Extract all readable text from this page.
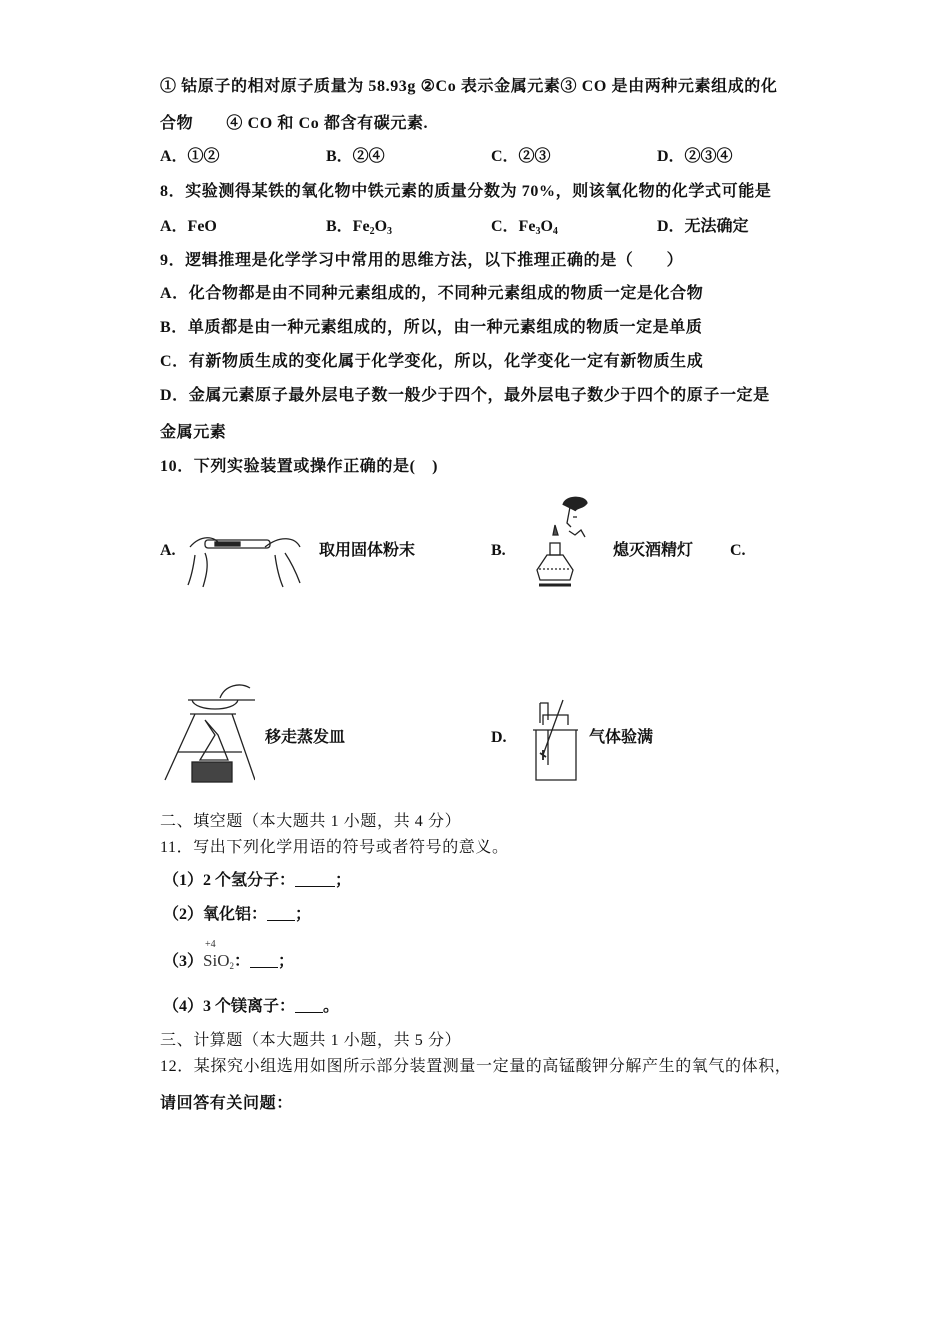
① 钴原子的相对原子质量为 58.93g ②Co 表示金属元素③ CO 是由两种元素组成的化
合物　　④ CO 和 Co 都含有碳元素.
A．①②	B．②④	C．②③	D．②③④
8．实验测得某铁的氧化物中铁元素的质量分数为 70%，则该氧化物的化学式可能是
A．FeO	B．$Fe_2O_3$	C．$Fe_3O_4$	D．无法确定
9．逻辑推理是化学学习中常用的思维方法，以下推理正确的是（　　）
A．化合物都是由不同种元素组成的，不同种元素组成的物质一定是化合物
B．单质都是由一种元素组成的，所以，由一种元素组成的物质一定是单质
C．有新物质生成的变化属于化学变化，所以，化学变化一定有新物质生成
D．金属元素原子最外层电子数一般少于四个，最外层电子数少于四个的原子一定是
金属元素
10．下列实验装置或操作正确的是(　)
A.	取用固体粉末	B.	熄灭酒精灯 C.
移走蒸发皿	D.	气体验满
二、填空题（本大题共 1 小题，共 4 分）
11．写出下列化学用语的符号或者符号的意义。
（1）2 个氢分子：	；
（2）氧化铝： ；
（3）
+4
SiO$_2$： ；
（4）3 个镁离子： 。
三、计算题（本大题共 1 小题，共 5 分）
12．某探究小组选用如图所示部分装置测量一定量的高锰酸钾分解产生的氧气的体积，
请回答有关问题：
